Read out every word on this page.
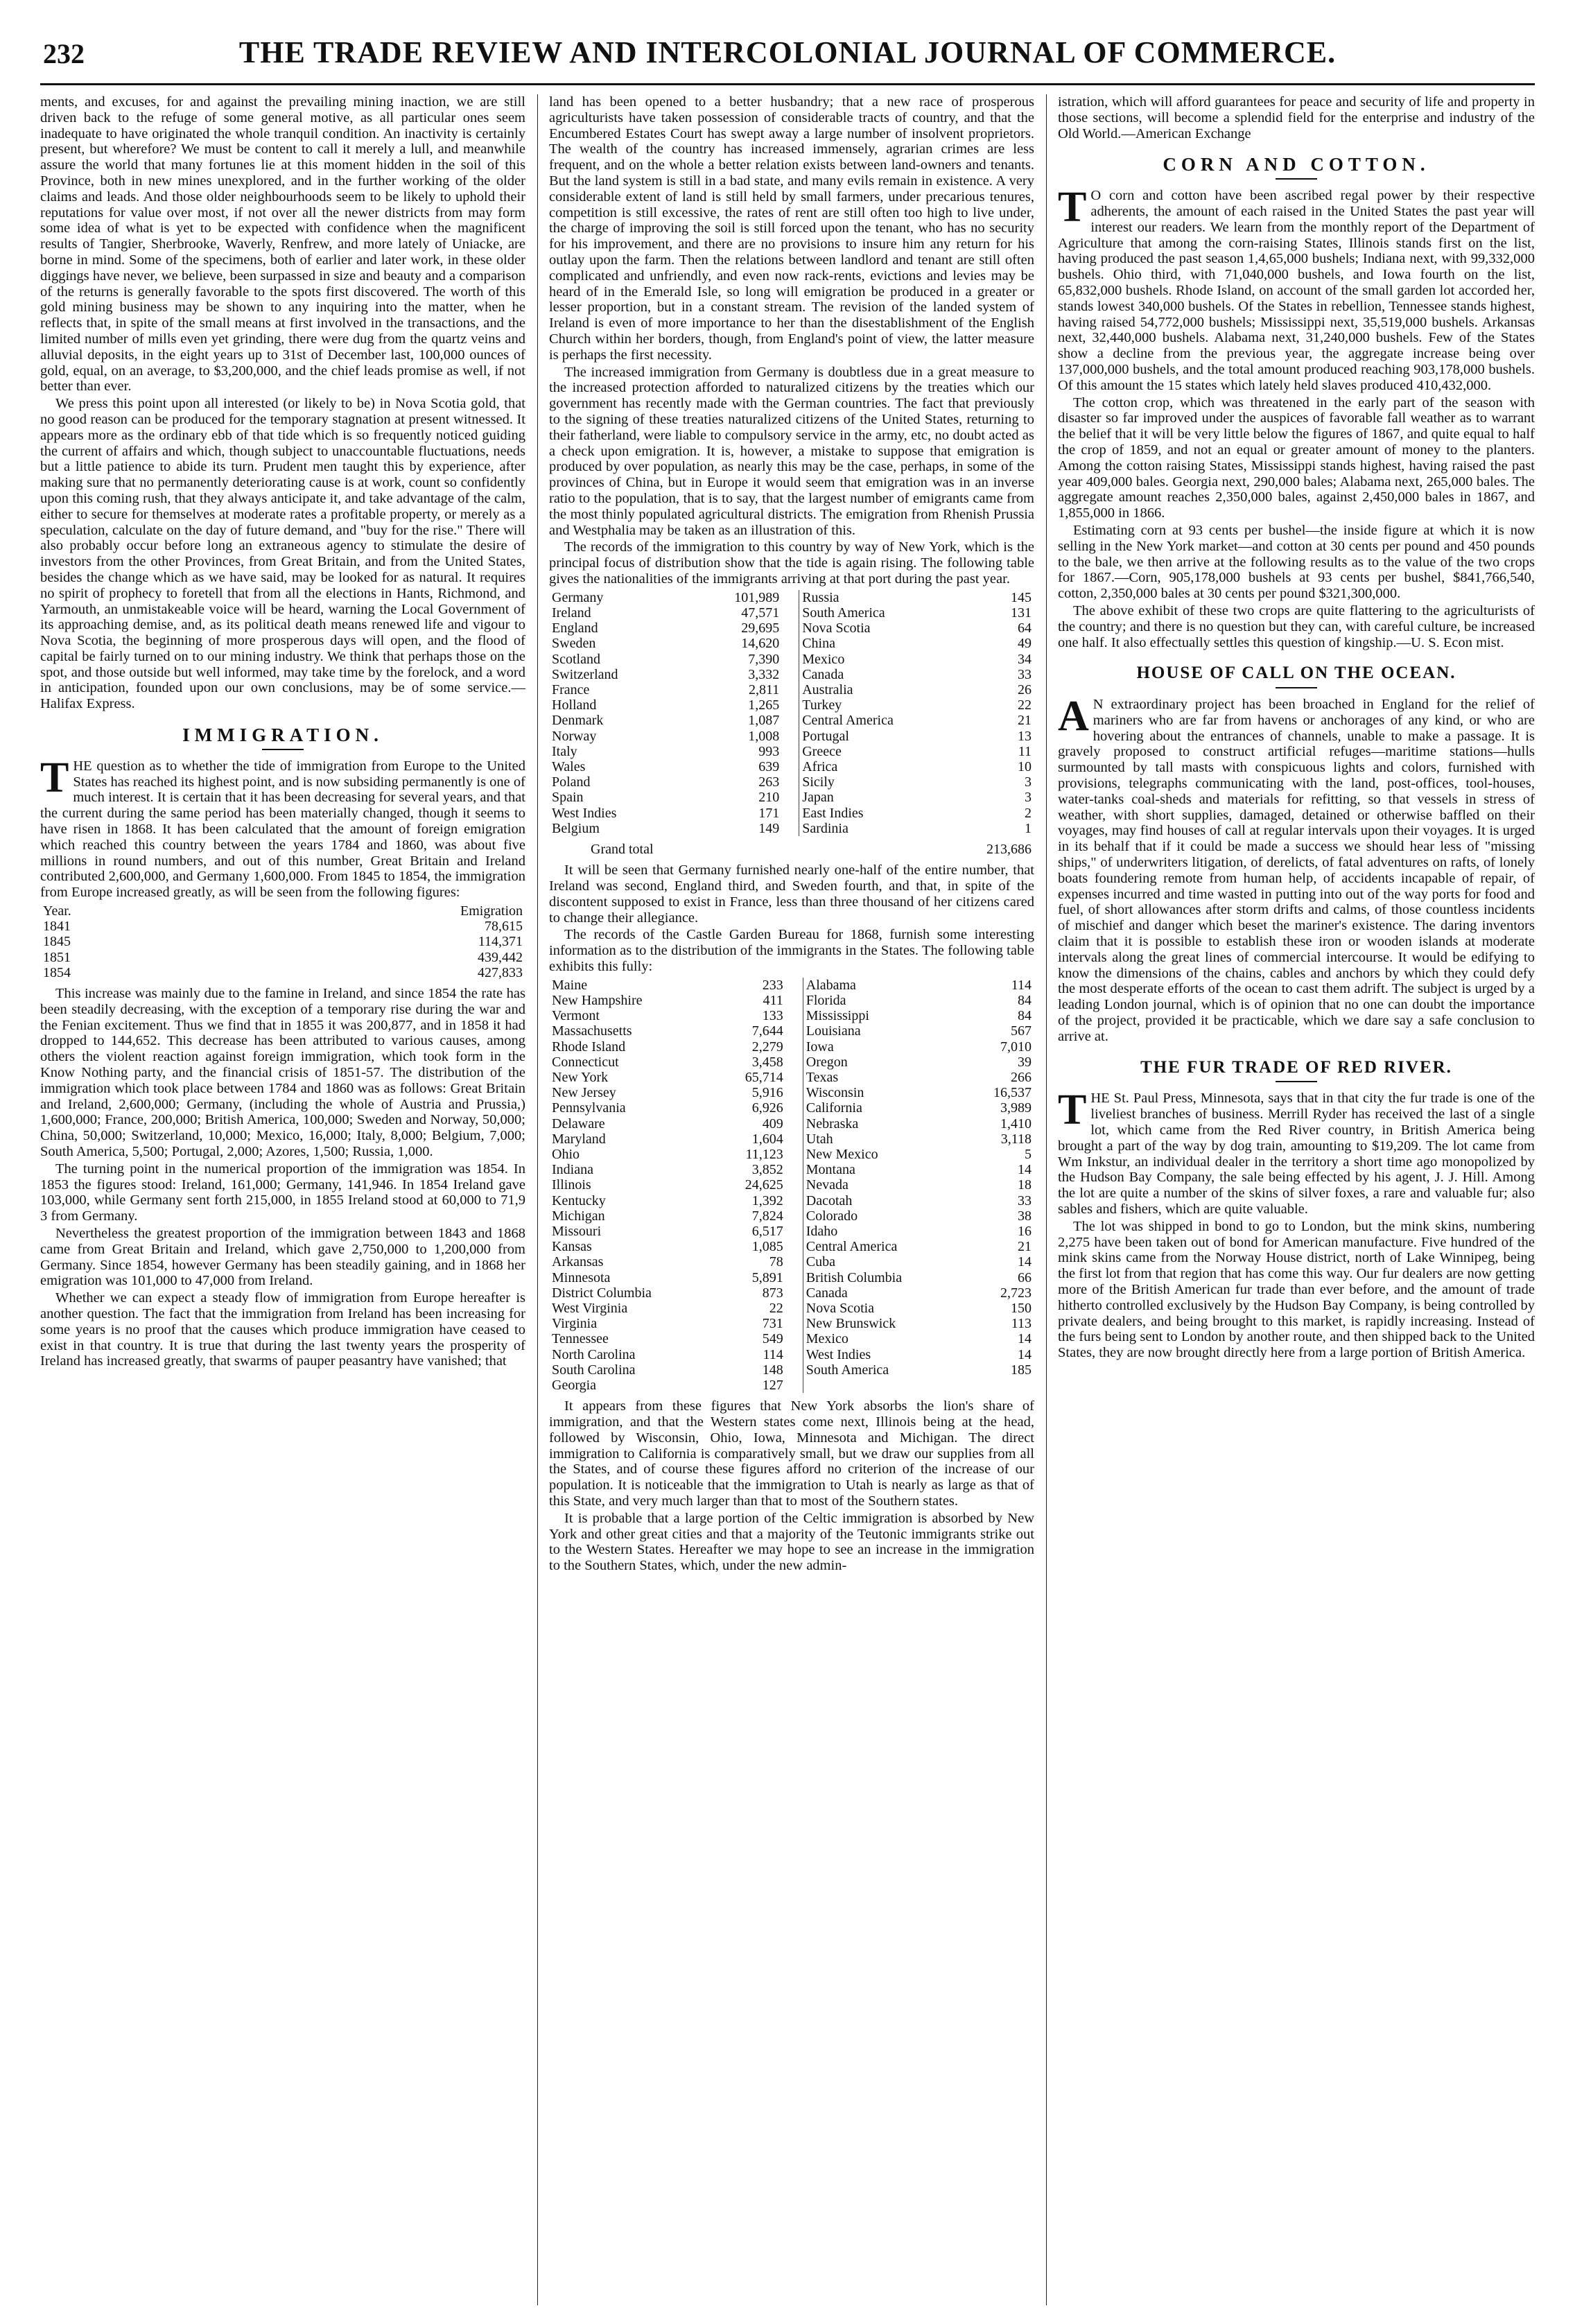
232	THE TRADE REVIEW AND INTERCOLONIAL JOURNAL OF COMMERCE.

ments, and excuses, for and against the prevailing mining inaction, we are still driven back to the refuge of some general motive, as all particular ones seem inadequate to have originated the whole tranquil condition. An inactivity is certainly present, but wherefore? We must be content to call it merely a lull, and meanwhile assure the world that many fortunes lie at this moment hidden in the soil of this Province, both in new mines unexplored, and in the further working of the older claims and leads. And those older neighbourhoods seem to be likely to uphold their reputations for value over most, if not over all the newer districts from may form some idea of what is yet to be expected with confidence when the magnificent results of Tangier, Sherbrooke, Waverly, Renfrew, and more lately of Uniacke, are borne in mind. Some of the specimens, both of earlier and later work, in these older diggings have never, we believe, been surpassed in size and beauty and a comparison of the returns is generally favorable to the spots first discovered. The worth of this gold mining business may be shown to any inquiring into the matter, when he reflects that, in spite of the small means at first involved in the transactions, and the limited number of mills even yet grinding, there were dug from the quartz veins and alluvial deposits, in the eight years up to 31st of December last, 100,000 ounces of gold, equal, on an average, to $3,200,000, and the chief leads promise as well, if not better than ever.

We press this point upon all interested (or likely to be) in Nova Scotia gold, that no good reason can be produced for the temporary stagnation at present witnessed. It appears more as the ordinary ebb of that tide which is so frequently noticed guiding the current of affairs and which, though subject to unaccountable fluctuations, needs but a little patience to abide its turn. Prudent men taught this by experience, after making sure that no permanently deteriorating cause is at work, count so confidently upon this coming rush, that they always anticipate it, and take advantage of the calm, either to secure for themselves at moderate rates a profitable property, or merely as a speculation, calculate on the day of future demand, and "buy for the rise." There will also probably occur before long an extraneous agency to stimulate the desire of investors from the other Provinces, from Great Britain, and from the United States, besides the change which as we have said, may be looked for as natural. It requires no spirit of prophecy to foretell that from all the elections in Hants, Richmond, and Yarmouth, an unmistakeable voice will be heard, warning the Local Government of its approaching demise, and, as its political death means renewed life and vigour to Nova Scotia, the beginning of more prosperous days will open, and the flood of capital be fairly turned on to our mining industry. We think that perhaps those on the spot, and those outside but well informed, may take time by the forelock, and a word in anticipation, founded upon our own conclusions, may be of some service.—Halifax Express.

IMMIGRATION.

THE question as to whether the tide of immigration from Europe to the United States has reached its highest point, and is now subsiding permanently is one of much interest. It is certain that it has been decreasing for several years, and that the current during the same period has been materially changed, though it seems to have risen in 1868. It has been calculated that the amount of foreign emigration which reached this country between the years 1784 and 1860, was about five millions in round numbers, and out of this number, Great Britain and Ireland contributed 2,600,000, and Germany 1,600,000. From 1845 to 1854, the immigration from Europe increased greatly, as will be seen from the following figures:

Year.	Emigration
1841	78,615
1845	114,371
1851	439,442
1854	427,833

This increase was mainly due to the famine in Ireland, and since 1854 the rate has been steadily decreasing, with the exception of a temporary rise during the war and the Fenian excitement. Thus we find that in 1855 it was 200,877, and in 1858 it had dropped to 144,652. This decrease has been attributed to various causes, among others the violent reaction against foreign immigration, which took form in the Know Nothing party, and the financial crisis of 1851-57. The distribution of the immigration which took place between 1784 and 1860 was as follows: Great Britain and Ireland, 2,600,000; Germany, (including the whole of Austria and Prussia,) 1,600,000; France, 200,000; British America, 100,000; Sweden and Norway, 50,000; China, 50,000; Switzerland, 10,000; Mexico, 16,000; Italy, 8,000; Belgium, 7,000; South America, 5,500; Portugal, 2,000; Azores, 1,500; Russia, 1,000.

The turning point in the numerical proportion of the immigration was 1854. In 1853 the figures stood: Ireland, 161,000; Germany, 141,946. In 1854 Ireland gave 103,000, while Germany sent forth 215,000, in 1855 Ireland stood at 60,000 to 71,9 3 from Germany.

Nevertheless the greatest proportion of the immigration between 1843 and 1868 came from Great Britain and Ireland, which gave 2,750,000 to 1,200,000 from Germany. Since 1854, however Germany has been steadily gaining, and in 1868 her emigration was 101,000 to 47,000 from Ireland.

Whether we can expect a steady flow of immigration from Europe hereafter is another question. The fact that the immigration from Ireland has been increasing for some years is no proof that the causes which produce immigration have ceased to exist in that country. It is true that during the last twenty years the prosperity of Ireland has increased greatly, that swarms of pauper peasantry have vanished; that

land has been opened to a better husbandry; that a new race of prosperous agriculturists have taken possession of considerable tracts of country, and that the Encumbered Estates Court has swept away a large number of insolvent proprietors. The wealth of the country has increased immensely, agrarian crimes are less frequent, and on the whole a better relation exists between land-owners and tenants. But the land system is still in a bad state, and many evils remain in existence. A very considerable extent of land is still held by small farmers, under precarious tenures, competition is still excessive, the rates of rent are still often too high to live under, the charge of improving the soil is still forced upon the tenant, who has no security for his improvement, and there are no provisions to insure him any return for his outlay upon the farm. Then the relations between landlord and tenant are still often complicated and unfriendly, and even now rack-rents, evictions and levies may be heard of in the Emerald Isle, so long will emigration be produced in a greater or lesser proportion, but in a constant stream. The revision of the landed system of Ireland is even of more importance to her than the disestablishment of the English Church within her borders, though, from England's point of view, the latter measure is perhaps the first necessity.

The increased immigration from Germany is doubtless due in a great measure to the increased protection afforded to naturalized citizens by the treaties which our government has recently made with the German countries. The fact that previously to the signing of these treaties naturalized citizens of the United States, returning to their fatherland, were liable to compulsory service in the army, etc, no doubt acted as a check upon emigration. It is, however, a mistake to suppose that emigration is produced by over population, as nearly this may be the case, perhaps, in some of the provinces of China, but in Europe it would seem that emigration was in an inverse ratio to the population, that is to say, that the largest number of emigrants came from the most thinly populated agricultural districts. The emigration from Rhenish Prussia and Westphalia may be taken as an illustration of this.

The records of the immigration to this country by way of New York, which is the principal focus of distribution show that the tide is again rising. The following table gives the nationalities of the immigrants arriving at that port during the past year.

Germany	101,989		Russia	145
Ireland	47,571		South America	131
England	29,695		Nova Scotia	64
Sweden	14,620		China	49
Scotland	7,390		Mexico	34
Switzerland	3,332		Canada	33
France	2,811		Australia	26
Holland	1,265		Turkey	22
Denmark	1,087		Central America	21
Norway	1,008		Portugal	13
Italy	993		Greece	11
Wales	639		Africa	10
Poland	263		Sicily	3
Spain	210		Japan	3
West Indies	171		East Indies	2
Belgium	149		Sardinia	1
Grand total	213,686

It will be seen that Germany furnished nearly one-half of the entire number, that Ireland was second, England third, and Sweden fourth, and that, in spite of the discontent supposed to exist in France, less than three thousand of her citizens cared to change their allegiance.

The records of the Castle Garden Bureau for 1868, furnish some interesting information as to the distribution of the immigrants in the States. The following table exhibits this fully:

Maine	233		Alabama	114
New Hampshire	411		Florida	84
Vermont	133		Mississippi	84
Massachusetts	7,644		Louisiana	567
Rhode Island	2,279		Iowa	7,010
Connecticut	3,458		Oregon	39
New York	65,714		Texas	266
New Jersey	5,916		Wisconsin	16,537
Pennsylvania	6,926		California	3,989
Delaware	409		Nebraska	1,410
Maryland	1,604		Utah	3,118
Ohio	11,123		New Mexico	5
Indiana	3,852		Montana	14
Illinois	24,625		Nevada	18
Kentucky	1,392		Dacotah	33
Michigan	7,824		Colorado	38
Missouri	6,517		Idaho	16
Kansas	1,085		Central America	21
Arkansas	78		Cuba	14
Minnesota	5,891		British Columbia	66
District Columbia	873		Canada	2,723
West Virginia	22		Nova Scotia	150
Virginia	731		New Brunswick	113
Tennessee	549		Mexico	14
North Carolina	114		West Indies	14
South Carolina	148		South America	185
Georgia	127			

It appears from these figures that New York absorbs the lion's share of immigration, and that the Western states come next, Illinois being at the head, followed by Wisconsin, Ohio, Iowa, Minnesota and Michigan. The direct immigration to California is comparatively small, but we draw our supplies from all the States, and of course these figures afford no criterion of the increase of our population. It is noticeable that the immigration to Utah is nearly as large as that of this State, and very much larger than that to most of the Southern states.

It is probable that a large portion of the Celtic immigration is absorbed by New York and other great cities and that a majority of the Teutonic immigrants strike out to the Western States. Hereafter we may hope to see an increase in the immigration to the Southern States, which, under the new admin-

istration, which will afford guarantees for peace and security of life and property in those sections, will become a splendid field for the enterprise and industry of the Old World.—American Exchange

CORN AND COTTON.

T O corn and cotton have been ascribed regal power by their respective adherents, the amount of each raised in the United States the past year will interest our readers. We learn from the monthly report of the Department of Agriculture that among the corn-raising States, Illinois stands first on the list, having produced the past season 1,4,65,000 bushels; Indiana next, with 99,332,000 bushels. Ohio third, with 71,040,000 bushels, and Iowa fourth on the list, 65,832,000 bushels. Rhode Island, on account of the small garden lot accorded her, stands lowest 340,000 bushels. Of the States in rebellion, Tennessee stands highest, having raised 54,772,000 bushels; Mississippi next, 35,519,000 bushels. Arkansas next, 32,440,000 bushels. Alabama next, 31,240,000 bushels. Few of the States show a decline from the previous year, the aggregate increase being over 137,000,000 bushels, and the total amount produced reaching 903,178,000 bushels. Of this amount the 15 states which lately held slaves produced 410,432,000.

The cotton crop, which was threatened in the early part of the season with disaster so far improved under the auspices of favorable fall weather as to warrant the belief that it will be very little below the figures of 1867, and quite equal to half the crop of 1859, and not an equal or greater amount of money to the planters. Among the cotton raising States, Mississippi stands highest, having raised the past year 409,000 bales. Georgia next, 290,000 bales; Alabama next, 265,000 bales. The aggregate amount reaches 2,350,000 bales, against 2,450,000 bales in 1867, and 1,855,000 in 1866.

Estimating corn at 93 cents per bushel—the inside figure at which it is now selling in the New York market—and cotton at 30 cents per pound and 450 pounds to the bale, we then arrive at the following results as to the value of the two crops for 1867.—Corn, 905,178,000 bushels at 93 cents per bushel, $841,766,540, cotton, 2,350,000 bales at 30 cents per pound $321,300,000.

The above exhibit of these two crops are quite flattering to the agriculturists of the country; and there is no question but they can, with careful culture, be increased one half. It also effectually settles this question of kingship.—U. S. Econ mist.

HOUSE OF CALL ON THE OCEAN.

A N extraordinary project has been broached in England for the relief of mariners who are far from havens or anchorages of any kind, or who are hovering about the entrances of channels, unable to make a passage. It is gravely proposed to construct artificial refuges—maritime stations—hulls surmounted by tall masts with conspicuous lights and colors, furnished with provisions, telegraphs communicating with the land, post-offices, tool-houses, water-tanks coal-sheds and materials for refitting, so that vessels in stress of weather, with short supplies, damaged, detained or otherwise baffled on their voyages, may find houses of call at regular intervals upon their voyages. It is urged in its behalf that if it could be made a success we should hear less of "missing ships," of underwriters litigation, of derelicts, of fatal adventures on rafts, of lonely boats foundering remote from human help, of accidents incapable of repair, of expenses incurred and time wasted in putting into out of the way ports for food and fuel, of short allowances after storm drifts and calms, of those countless incidents of mischief and danger which beset the mariner's existence. The daring inventors claim that it is possible to establish these iron or wooden islands at moderate intervals along the great lines of commercial intercourse. It would be edifying to know the dimensions of the chains, cables and anchors by which they could defy the most desperate efforts of the ocean to cast them adrift. The subject is urged by a leading London journal, which is of opinion that no one can doubt the importance of the project, provided it be practicable, which we dare say a safe conclusion to arrive at.

THE FUR TRADE OF RED RIVER.

THE St. Paul Press, Minnesota, says that in that city the fur trade is one of the liveliest branches of business. Merrill Ryder has received the last of a single lot, which came from the Red River country, in British America being brought a part of the way by dog train, amounting to $19,209. The lot came from Wm Inkstur, an individual dealer in the territory a short time ago monopolized by the Hudson Bay Company, the sale being effected by his agent, J. J. Hill. Among the lot are quite a number of the skins of silver foxes, a rare and valuable fur; also sables and fishers, which are quite valuable.

The lot was shipped in bond to go to London, but the mink skins, numbering 2,275 have been taken out of bond for American manufacture. Five hundred of the mink skins came from the Norway House district, north of Lake Winnipeg, being the first lot from that region that has come this way. Our fur dealers are now getting more of the British American fur trade than ever before, and the amount of trade hitherto controlled exclusively by the Hudson Bay Company, is being controlled by private dealers, and being brought to this market, is rapidly increasing. Instead of the furs being sent to London by another route, and then shipped back to the United States, they are now brought directly here from a large portion of British America.
